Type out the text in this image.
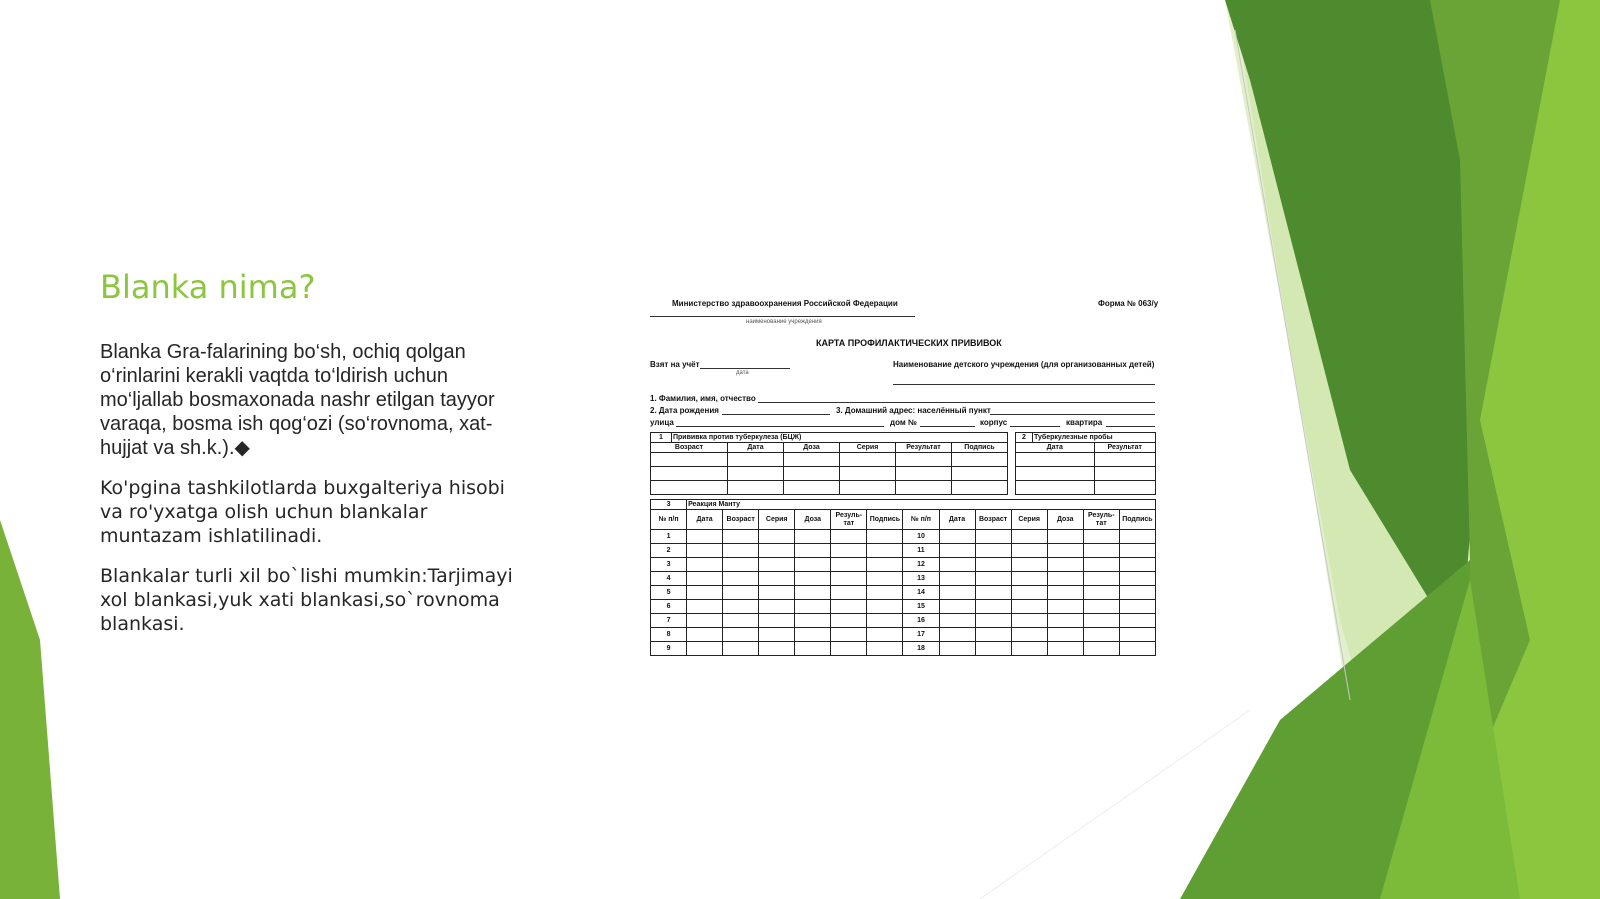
Blanka nima?

Blanka Gra-falarining bo‘sh, ochiq qolgan o‘rinlarini kerakli vaqtda to‘ldirish uchun mo‘ljallab bosmaxonada nashr etilgan tayyor varaqa, bosma ish qog‘ozi (so‘rovnoma, xat-hujjat va sh.k.).◆

Ko'pgina tashkilotlarda buxgalteriya hisobi va ro'yxatga olish uchun blankalar muntazam ishlatilinadi.

Blankalar turli xil bo`lishi mumkin:Tarjimayi xol blankasi,yuk xati blankasi,so`rovnoma blankasi.

Министерство здравоохранения Российской Федерации	Форма № 063/у
наименование учреждения
КАРТА ПРОФИЛАКТИЧЕСКИХ ПРИВИВОК
Взят на учёт
дата
Наименование детского учреждения (для организованных детей)
1. Фамилия, имя, отчество
2. Дата рождения	3. Домашний адрес: населённый пункт
улица	дом №	корпус	квартира
1	Прививка против туберкулеза (БЦЖ)					
Возраст		Дата	Доза	Серия	Результат	Подпись

2	Туберкулезные пробы	
Дата		Результат

3	Реакция Манту												
№ п/п	Дата	Возраст	Серия	Доза	Резуль-тат	Подпись	№ п/п	Дата	Возраст	Серия	Доза	Резуль-тат	Подпись
1							10						
2							11						
3							12						
4							13						
5							14						
6							15						
7							16						
8							17						
9							18						
